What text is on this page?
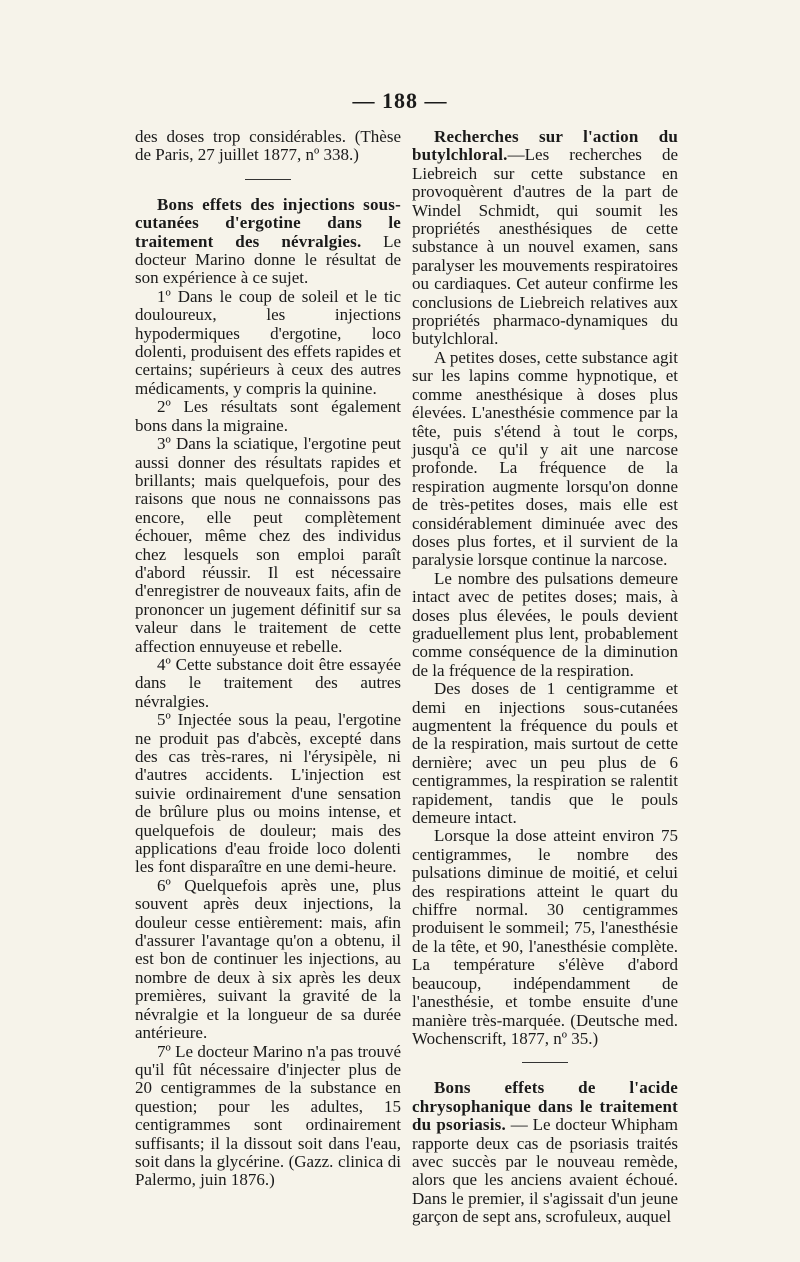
— 188 —

des doses trop considérables. (Thèse de Paris, 27 juillet 1877, nº 338.)

Bons effets des injections sous-cutanées d'ergotine dans le traitement des névralgies. Le docteur Marino donne le résultat de son expérience à ce sujet.

1º Dans le coup de soleil et le tic douloureux, les injections hypodermiques d'ergotine, loco dolenti, produisent des effets rapides et certains; supérieurs à ceux des autres médicaments, y compris la quinine.

2º Les résultats sont également bons dans la migraine.

3º Dans la sciatique, l'ergotine peut aussi donner des résultats rapides et brillants; mais quelquefois, pour des raisons que nous ne connaissons pas encore, elle peut complètement échouer, même chez des individus chez lesquels son emploi paraît d'abord réussir. Il est nécessaire d'enregistrer de nouveaux faits, afin de prononcer un jugement définitif sur sa valeur dans le traitement de cette affection ennuyeuse et rebelle.

4º Cette substance doit être essayée dans le traitement des autres névralgies.

5º Injectée sous la peau, l'ergotine ne produit pas d'abcès, excepté dans des cas très-rares, ni l'érysipèle, ni d'autres accidents. L'injection est suivie ordinairement d'une sensation de brûlure plus ou moins intense, et quelquefois de douleur; mais des applications d'eau froide loco dolenti les font disparaître en une demi-heure.

6º Quelquefois après une, plus souvent après deux injections, la douleur cesse entièrement: mais, afin d'assurer l'avantage qu'on a obtenu, il est bon de continuer les injections, au nombre de deux à six après les deux premières, suivant la gravité de la névralgie et la longueur de sa durée antérieure.

7º Le docteur Marino n'a pas trouvé qu'il fût nécessaire d'injecter plus de 20 centigrammes de la substance en question; pour les adultes, 15 centigrammes sont ordinairement suffisants; il la dissout soit dans l'eau, soit dans la glycérine. (Gazz. clinica di Palermo, juin 1876.)

Recherches sur l'action du butylchloral.—Les recherches de Liebreich sur cette substance en provoquèrent d'autres de la part de Windel Schmidt, qui soumit les propriétés anesthésiques de cette substance à un nouvel examen, sans paralyser les mouvements respiratoires ou cardiaques. Cet auteur confirme les conclusions de Liebreich relatives aux propriétés pharmaco-dynamiques du butylchloral.

A petites doses, cette substance agit sur les lapins comme hypnotique, et comme anesthésique à doses plus élevées. L'anesthésie commence par la tête, puis s'étend à tout le corps, jusqu'à ce qu'il y ait une narcose profonde. La fréquence de la respiration augmente lorsqu'on donne de très-petites doses, mais elle est considérablement diminuée avec des doses plus fortes, et il survient de la paralysie lorsque continue la narcose.

Le nombre des pulsations demeure intact avec de petites doses; mais, à doses plus élevées, le pouls devient graduellement plus lent, probablement comme conséquence de la diminution de la fréquence de la respiration.

Des doses de 1 centigramme et demi en injections sous-cutanées augmentent la fréquence du pouls et de la respiration, mais surtout de cette dernière; avec un peu plus de 6 centigrammes, la respiration se ralentit rapidement, tandis que le pouls demeure intact.

Lorsque la dose atteint environ 75 centigrammes, le nombre des pulsations diminue de moitié, et celui des respirations atteint le quart du chiffre normal. 30 centigrammes produisent le sommeil; 75, l'anesthésie de la tête, et 90, l'anesthésie complète. La température s'élève d'abord beaucoup, indépendamment de l'anesthésie, et tombe ensuite d'une manière très-marquée. (Deutsche med. Wochenscrift, 1877, nº 35.)

Bons effets de l'acide chrysophanique dans le traitement du psoriasis. — Le docteur Whipham rapporte deux cas de psoriasis traités avec succès par le nouveau remède, alors que les anciens avaient échoué. Dans le premier, il s'agissait d'un jeune garçon de sept ans, scrofuleux, auquel
